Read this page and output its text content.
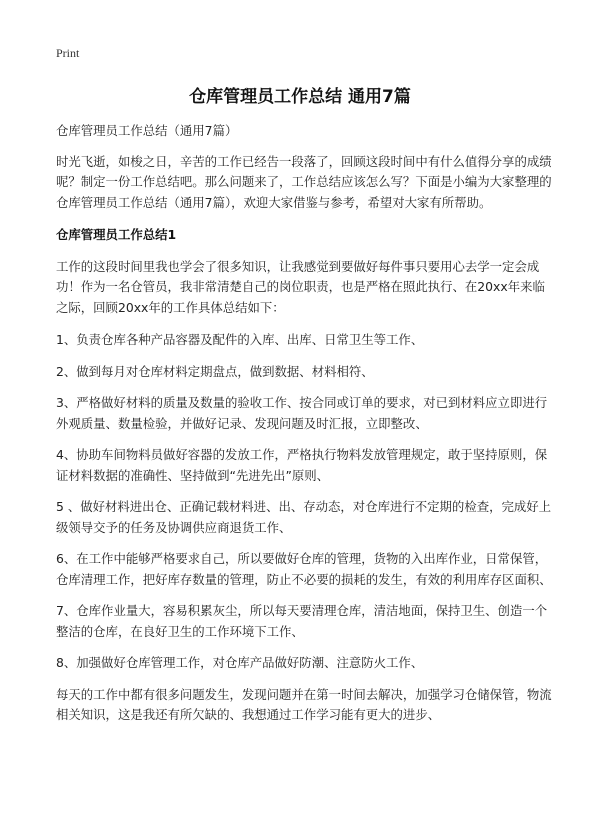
Print
仓库管理员工作总结 通用7篇

仓库管理员工作总结（通用7篇）

时光飞逝，如梭之日，辛苦的工作已经告一段落了，回顾这段时间中有什么值得分享的成绩呢？制定一份工作总结吧。那么问题来了，工作总结应该怎么写？下面是小编为大家整理的仓库管理员工作总结（通用7篇），欢迎大家借鉴与参考，希望对大家有所帮助。

仓库管理员工作总结1

工作的这段时间里我也学会了很多知识，让我感觉到要做好每件事只要用心去学一定会成功！作为一名仓管员，我非常清楚自己的岗位职责，也是严格在照此执行、在20xx年来临之际，回顾20xx年的工作具体总结如下：

1、负责仓库各种产品容器及配件的入库、出库、日常卫生等工作、

2、做到每月对仓库材料定期盘点，做到数据、材料相符、

3、严格做好材料的质量及数量的验收工作、按合同或订单的要求，对已到材料应立即进行外观质量、数量检验，并做好记录、发现问题及时汇报，立即整改、

4、协助车间物料员做好容器的发放工作，严格执行物料发放管理规定，敢于坚持原则，保证材料数据的准确性、坚持做到“先进先出”原则、

5 、做好材料进出仓、正确记载材料进、出、存动态，对仓库进行不定期的检查，完成好上级领导交予的任务及协调供应商退货工作、

6、在工作中能够严格要求自己，所以要做好仓库的管理，货物的入出库作业，日常保管，仓库清理工作，把好库存数量的管理，防止不必要的损耗的发生，有效的利用库存区面积、

7、仓库作业量大，容易积累灰尘，所以每天要清理仓库，清洁地面，保持卫生、创造一个整洁的仓库，在良好卫生的工作环境下工作、

8、加强做好仓库管理工作，对仓库产品做好防潮、注意防火工作、

每天的工作中都有很多问题发生，发现问题并在第一时间去解决，加强学习仓储保管，物流相关知识，这是我还有所欠缺的、我想通过工作学习能有更大的进步、
